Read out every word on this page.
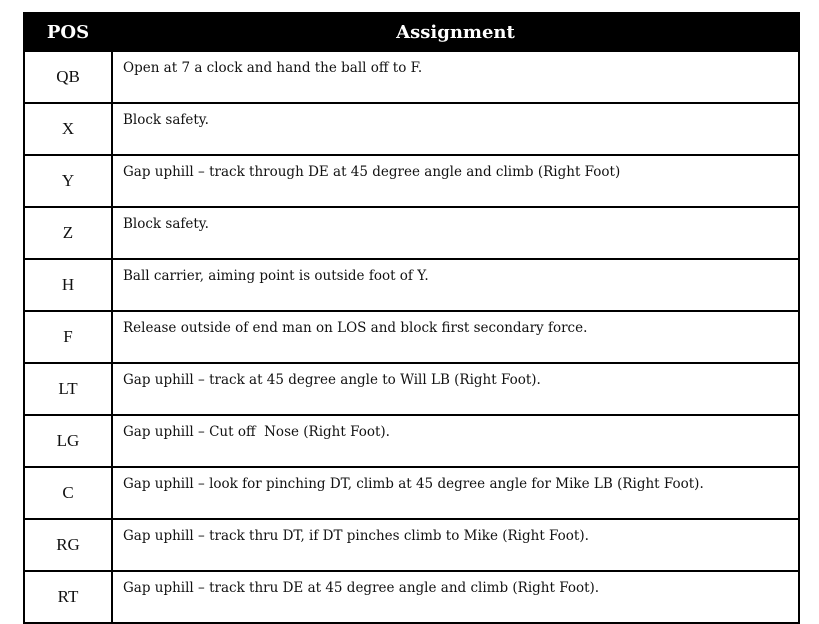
POS	Assignment
QB	Open at 7 a clock and hand the ball off to F.
X	Block safety.
Y	Gap uphill – track through DE at 45 degree angle and climb (Right Foot)
Z	Block safety.
H	Ball carrier, aiming point is outside foot of Y.
F	Release outside of end man on LOS and block first secondary force.
LT	Gap uphill – track at 45 degree angle to Will LB (Right Foot).
LG	Gap uphill – Cut off  Nose (Right Foot).
C	Gap uphill – look for pinching DT, climb at 45 degree angle for Mike LB (Right Foot).
RG	Gap uphill – track thru DT, if DT pinches climb to Mike (Right Foot).
RT	Gap uphill – track thru DE at 45 degree angle and climb (Right Foot).
